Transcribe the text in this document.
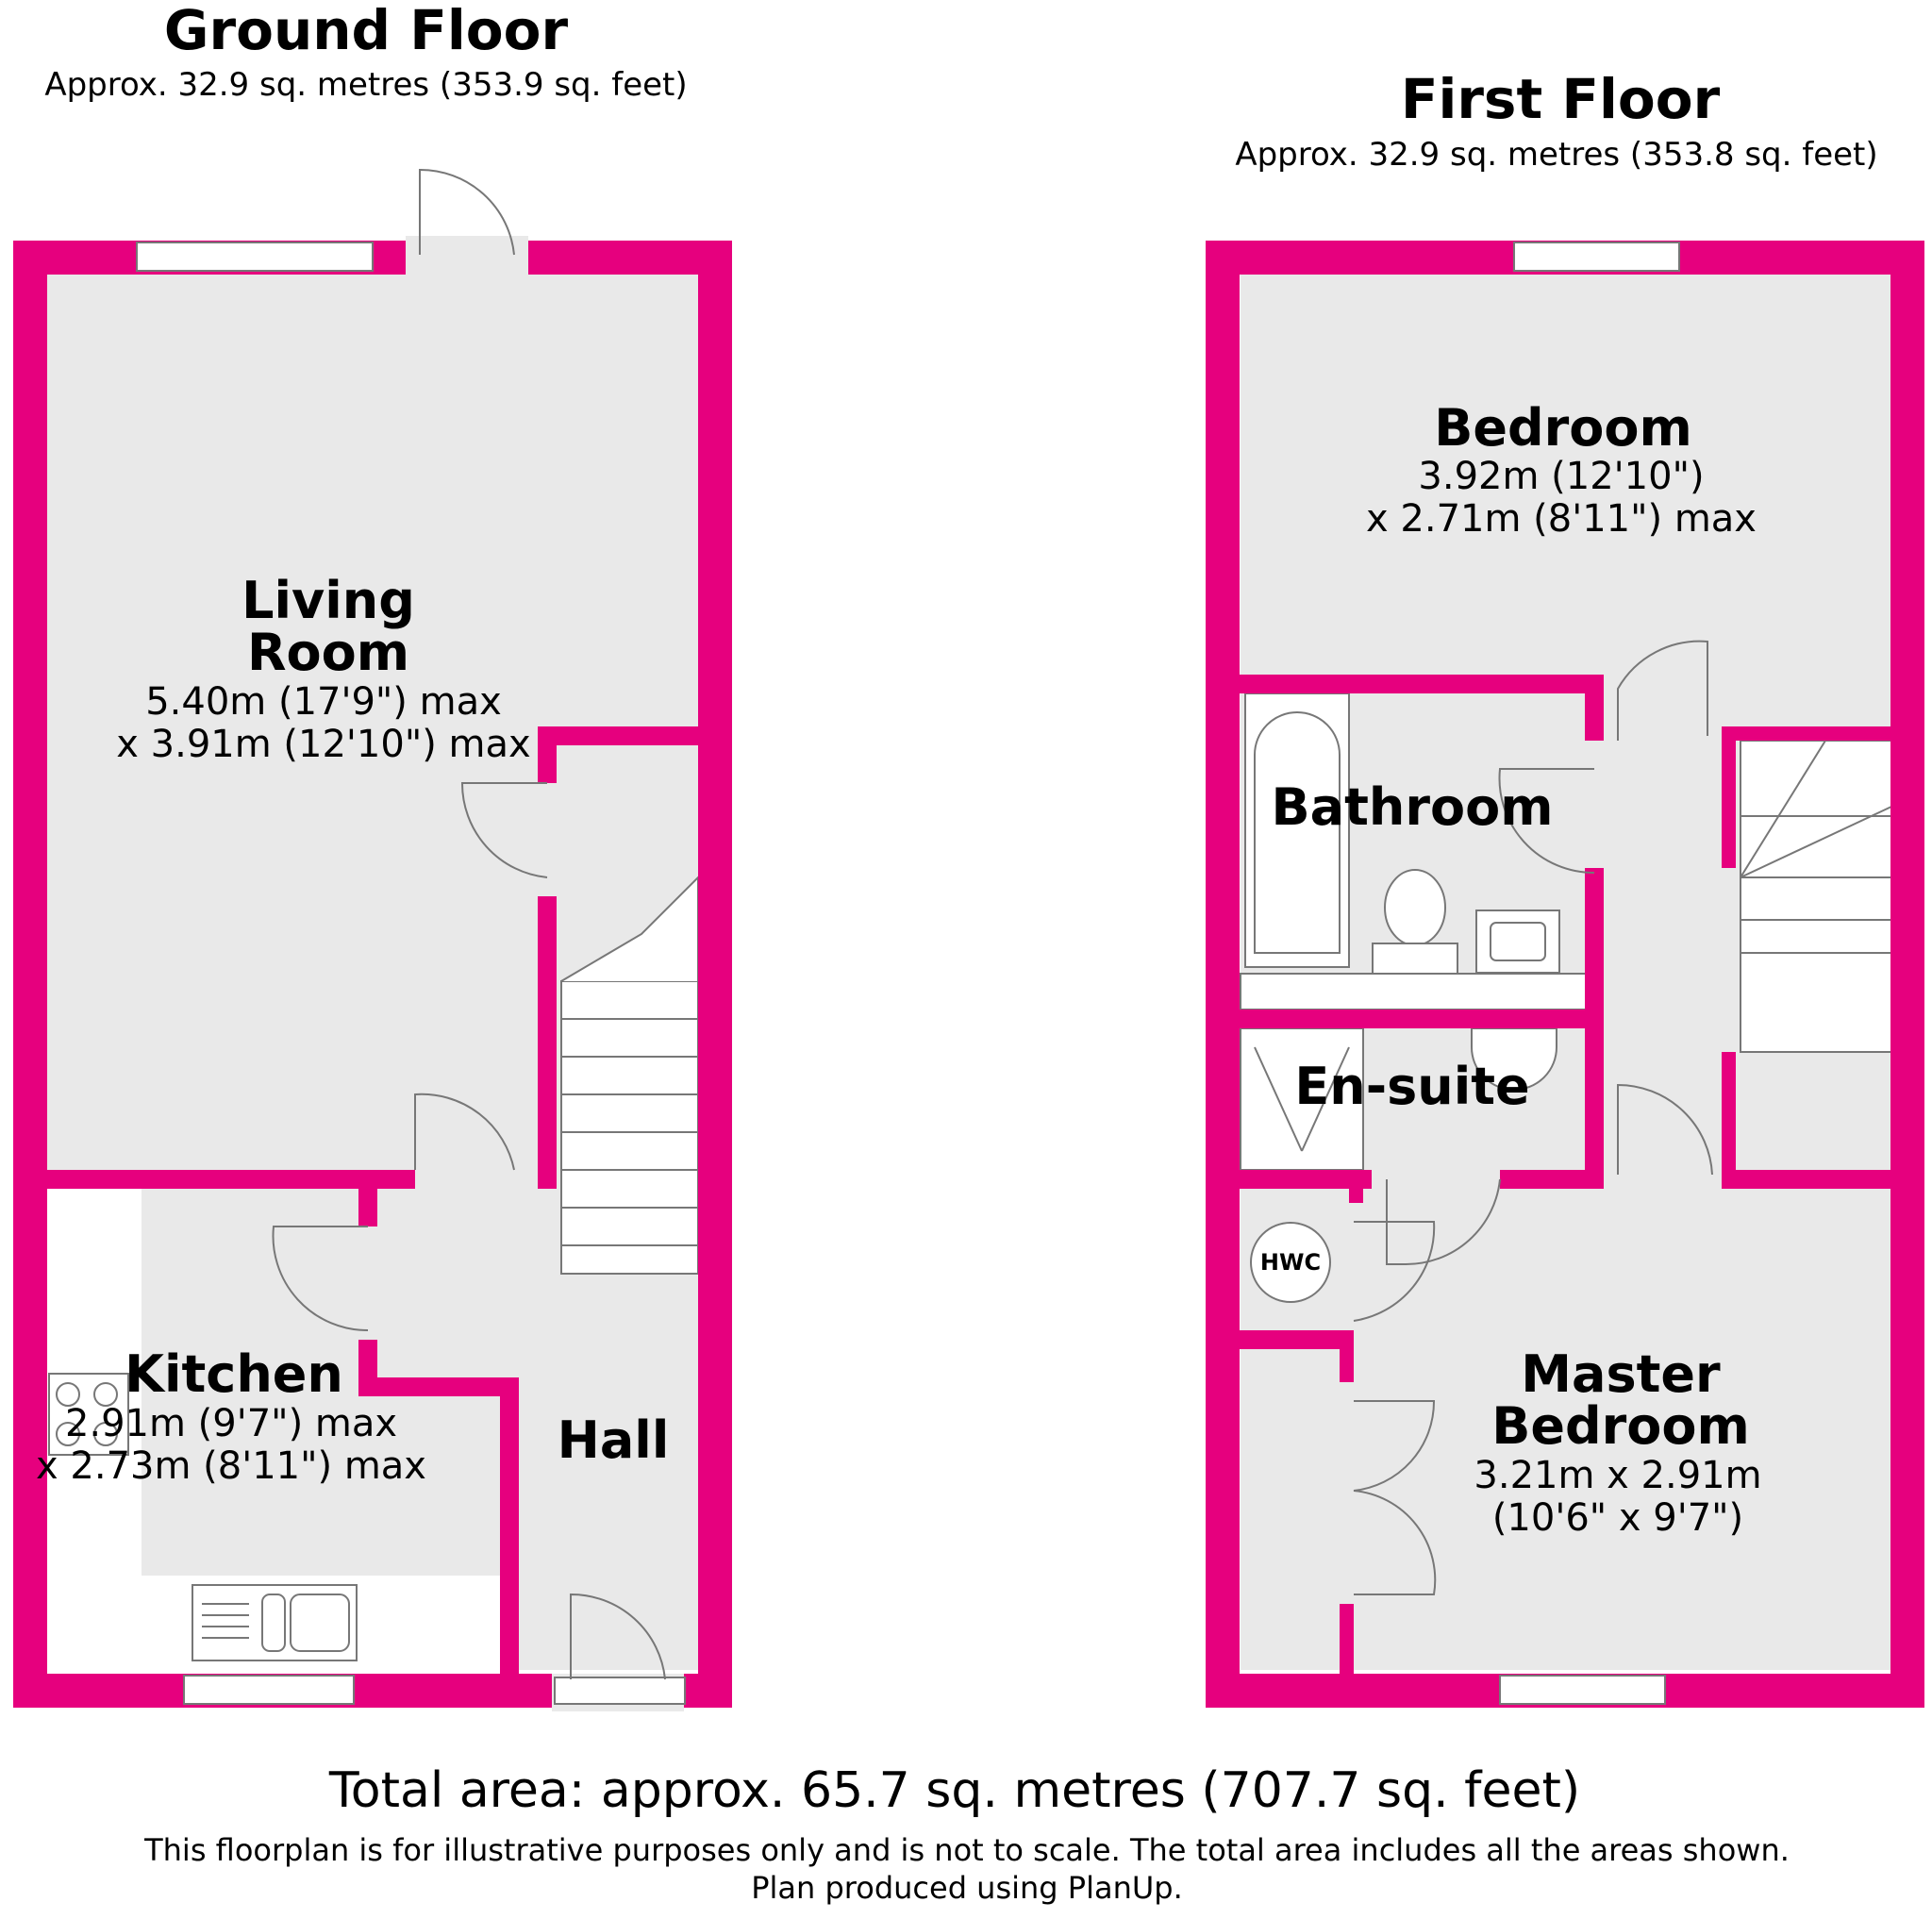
Ground Floor
Approx. 32.9 sq. metres (353.9 sq. feet)	First Floor
Approx. 32.9 sq. metres (353.8 sq. feet)
Living
Room
5.40m (17'9") max
x 3.91m (12'10") max
Kitchen
2.91m (9'7") max
x 2.73m (8'11") max	Hall
Bedroom
3.92m (12'10")
x 2.71m (8'11") max
Bathroom
En-suite
HWC
Master
Bedroom
3.21m x 2.91m
(10'6" x 9'7")
Total area: approx. 65.7 sq. metres (707.7 sq. feet)
This floorplan is for illustrative purposes only and is not to scale. The total area includes all the areas shown.
Plan produced using PlanUp.
